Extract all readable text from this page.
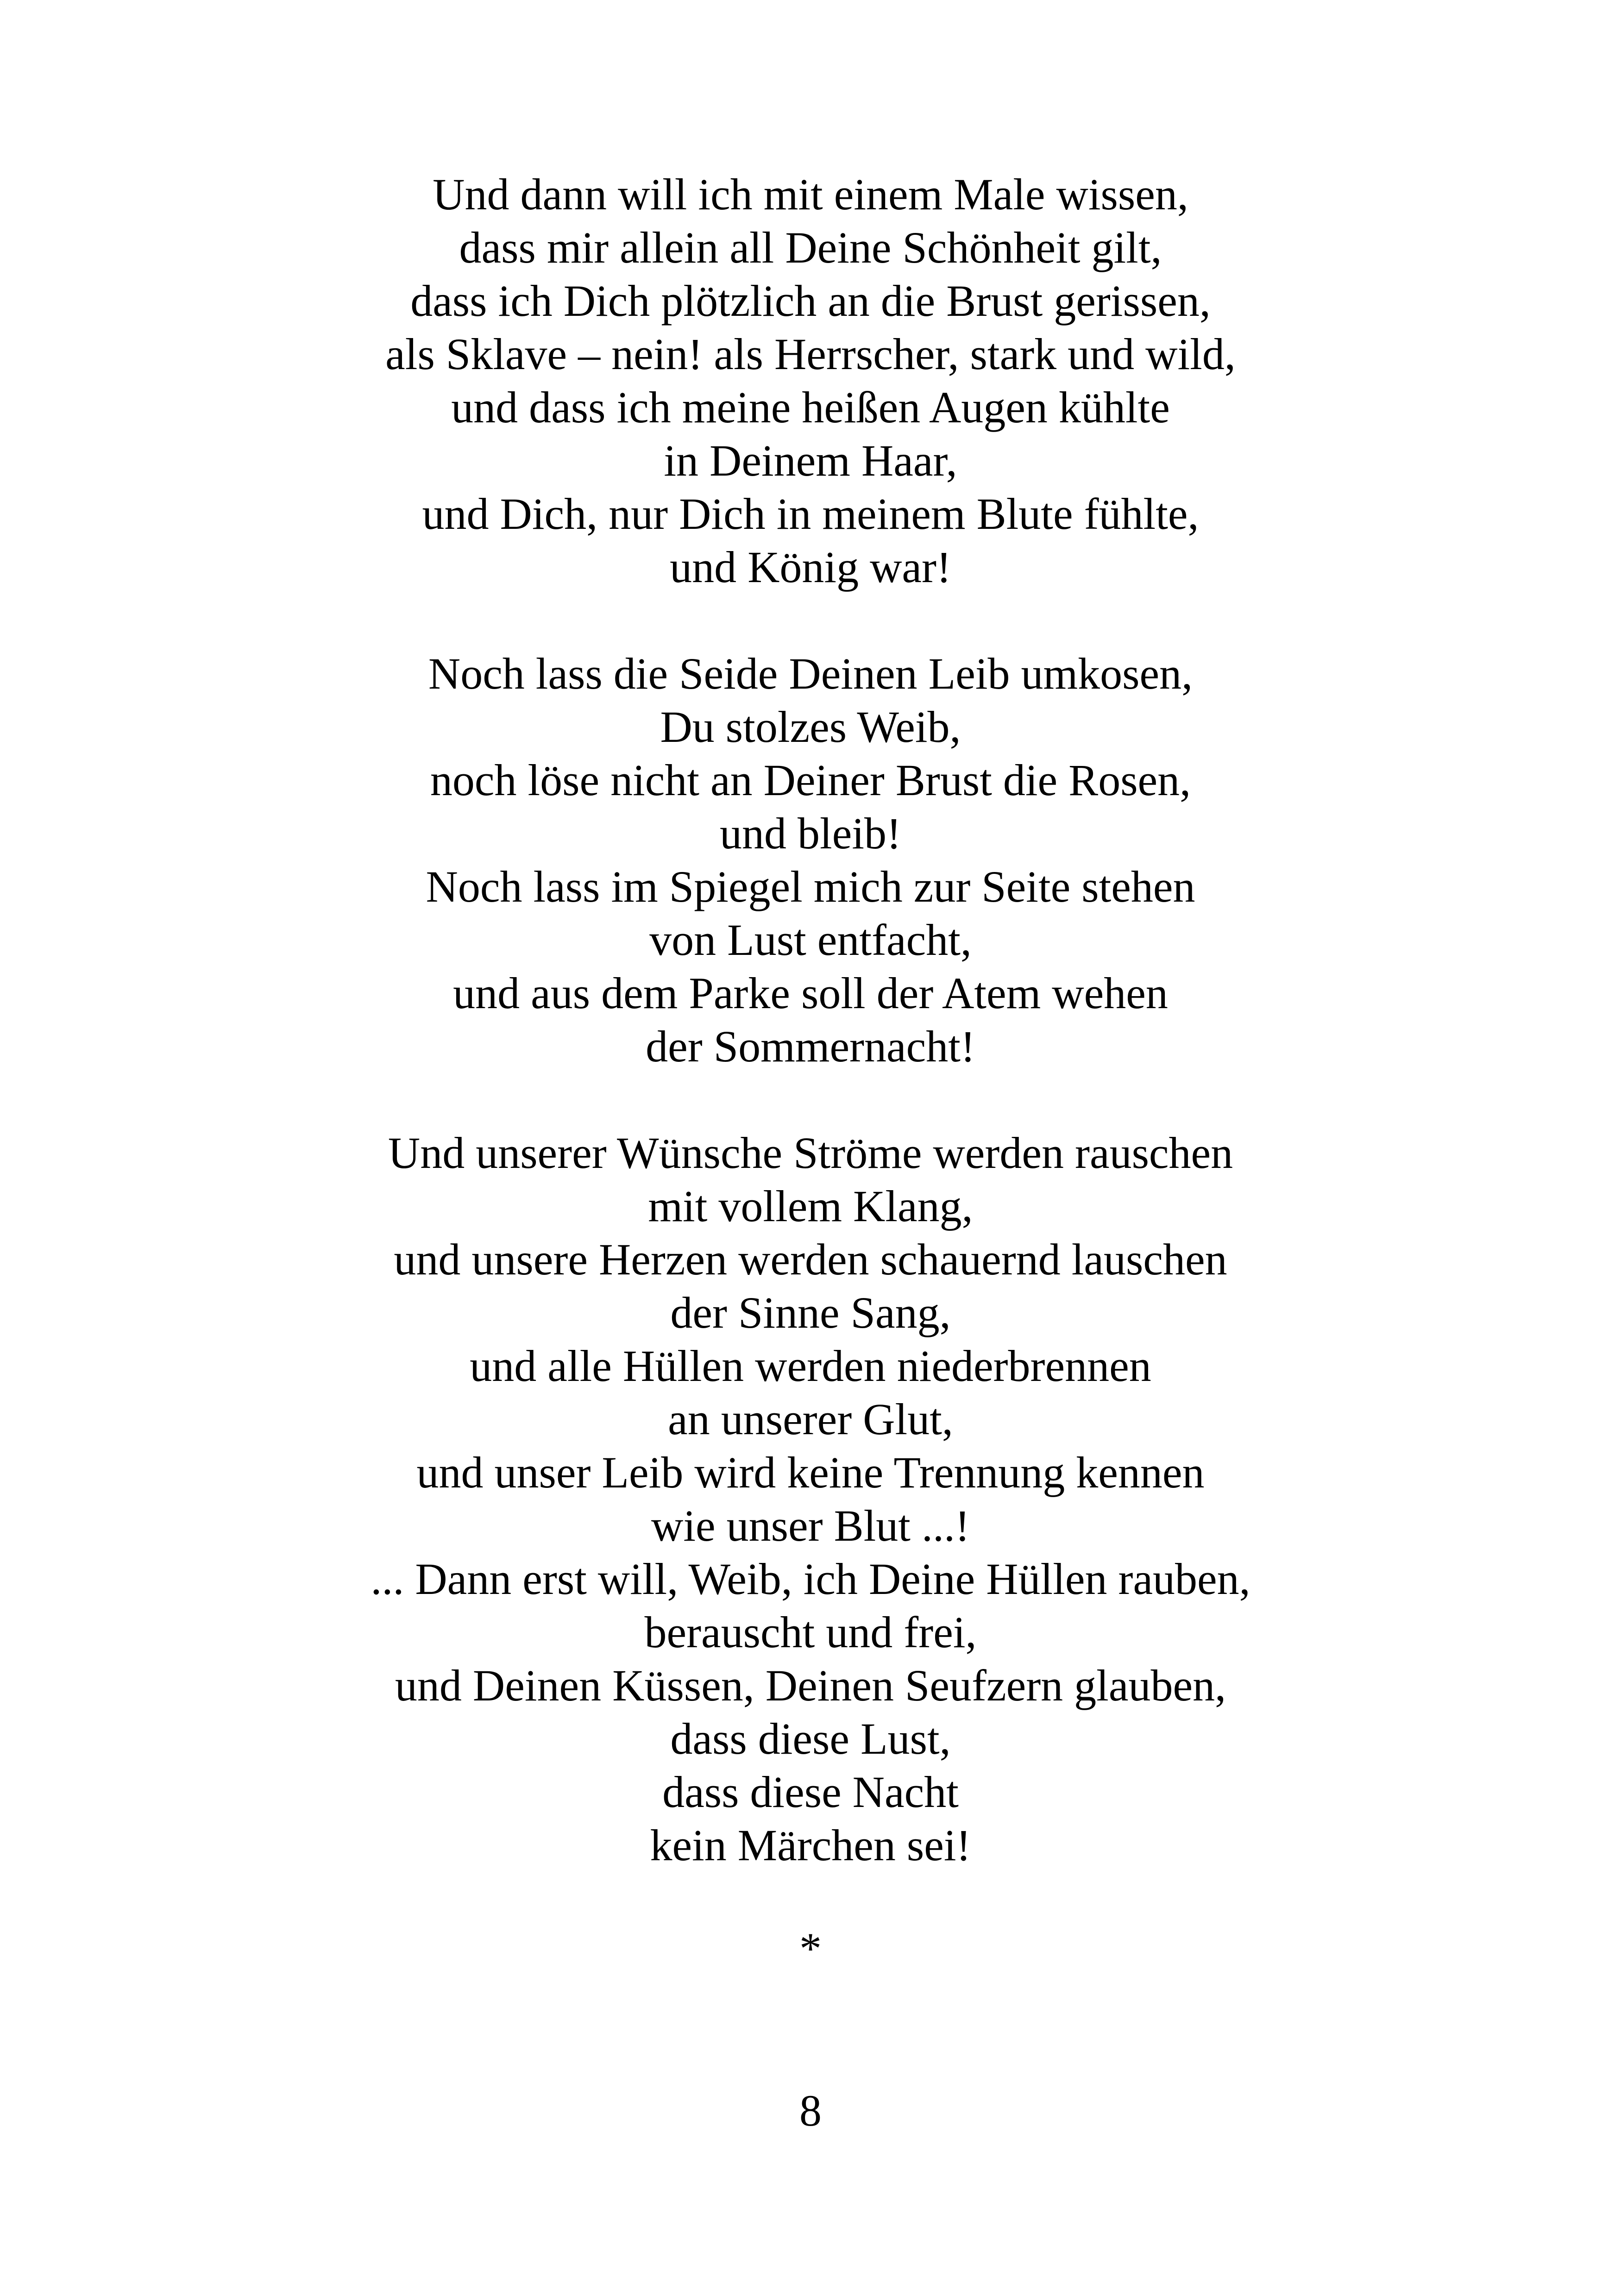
Und dann will ich mit einem Male wissen,
dass mir allein all Deine Schönheit gilt,
dass ich Dich plötzlich an die Brust gerissen,
als Sklave – nein! als Herrscher, stark und wild,
und dass ich meine heißen Augen kühlte
in Deinem Haar,
und Dich, nur Dich in meinem Blute fühlte,
und König war!
Noch lass die Seide Deinen Leib umkosen,
Du stolzes Weib,
noch löse nicht an Deiner Brust die Rosen,
und bleib!
Noch lass im Spiegel mich zur Seite stehen
von Lust entfacht,
und aus dem Parke soll der Atem wehen
der Sommernacht!
Und unserer Wünsche Ströme werden rauschen
mit vollem Klang,
und unsere Herzen werden schauernd lauschen
der Sinne Sang,
und alle Hüllen werden niederbrennen
an unserer Glut,
und unser Leib wird keine Trennung kennen
wie unser Blut ...!
... Dann erst will, Weib, ich Deine Hüllen rauben,
berauscht und frei,
und Deinen Küssen, Deinen Seufzern glauben,
dass diese Lust,
dass diese Nacht
kein Märchen sei!
*
8
